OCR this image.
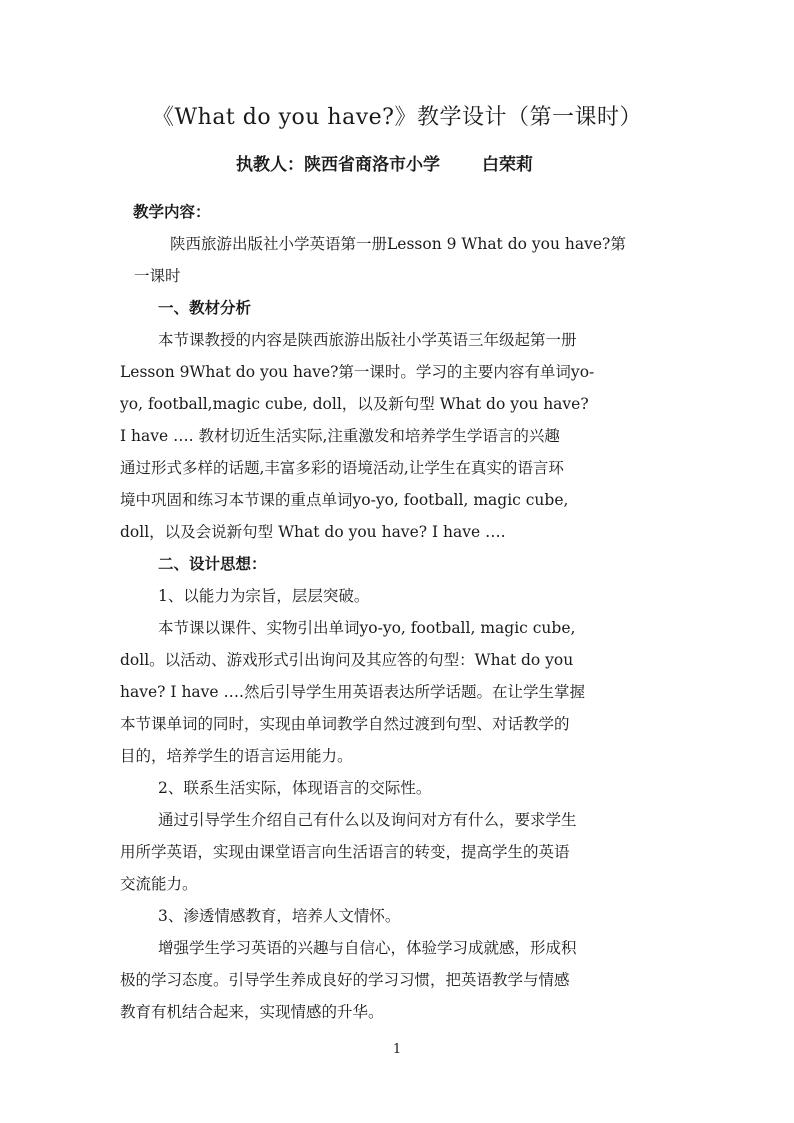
《What do you have?》教学设计（第一课时）
执教人：陕西省商洛市小学 白荣莉
教学内容：
陕西旅游出版社小学英语第一册Lesson 9 What do you have?第
一课时
一、教材分析
本节课教授的内容是陕西旅游出版社小学英语三年级起第一册
Lesson 9What do you have?第一课时。学习的主要内容有单词yo-
yo, football,magic cube, doll，以及新句型 What do you have?
I have …. 教材切近生活实际,注重激发和培养学生学语言的兴趣
通过形式多样的话题,丰富多彩的语境活动,让学生在真实的语言环
境中巩固和练习本节课的重点单词yo-yo, football, magic cube,
doll，以及会说新句型 What do you have? I have ….
二、设计思想：
1、以能力为宗旨，层层突破。
本节课以课件、实物引出单词yo-yo, football, magic cube,
doll。以活动、游戏形式引出询问及其应答的句型：What do you
have? I have ….然后引导学生用英语表达所学话题。在让学生掌握
本节课单词的同时，实现由单词教学自然过渡到句型、对话教学的
目的，培养学生的语言运用能力。
2、联系生活实际，体现语言的交际性。
通过引导学生介绍自己有什么以及询问对方有什么，要求学生
用所学英语，实现由课堂语言向生活语言的转变，提高学生的英语
交流能力。
3、渗透情感教育，培养人文情怀。
增强学生学习英语的兴趣与自信心，体验学习成就感，形成积
极的学习态度。引导学生养成良好的学习习惯，把英语教学与情感
教育有机结合起来，实现情感的升华。
1
